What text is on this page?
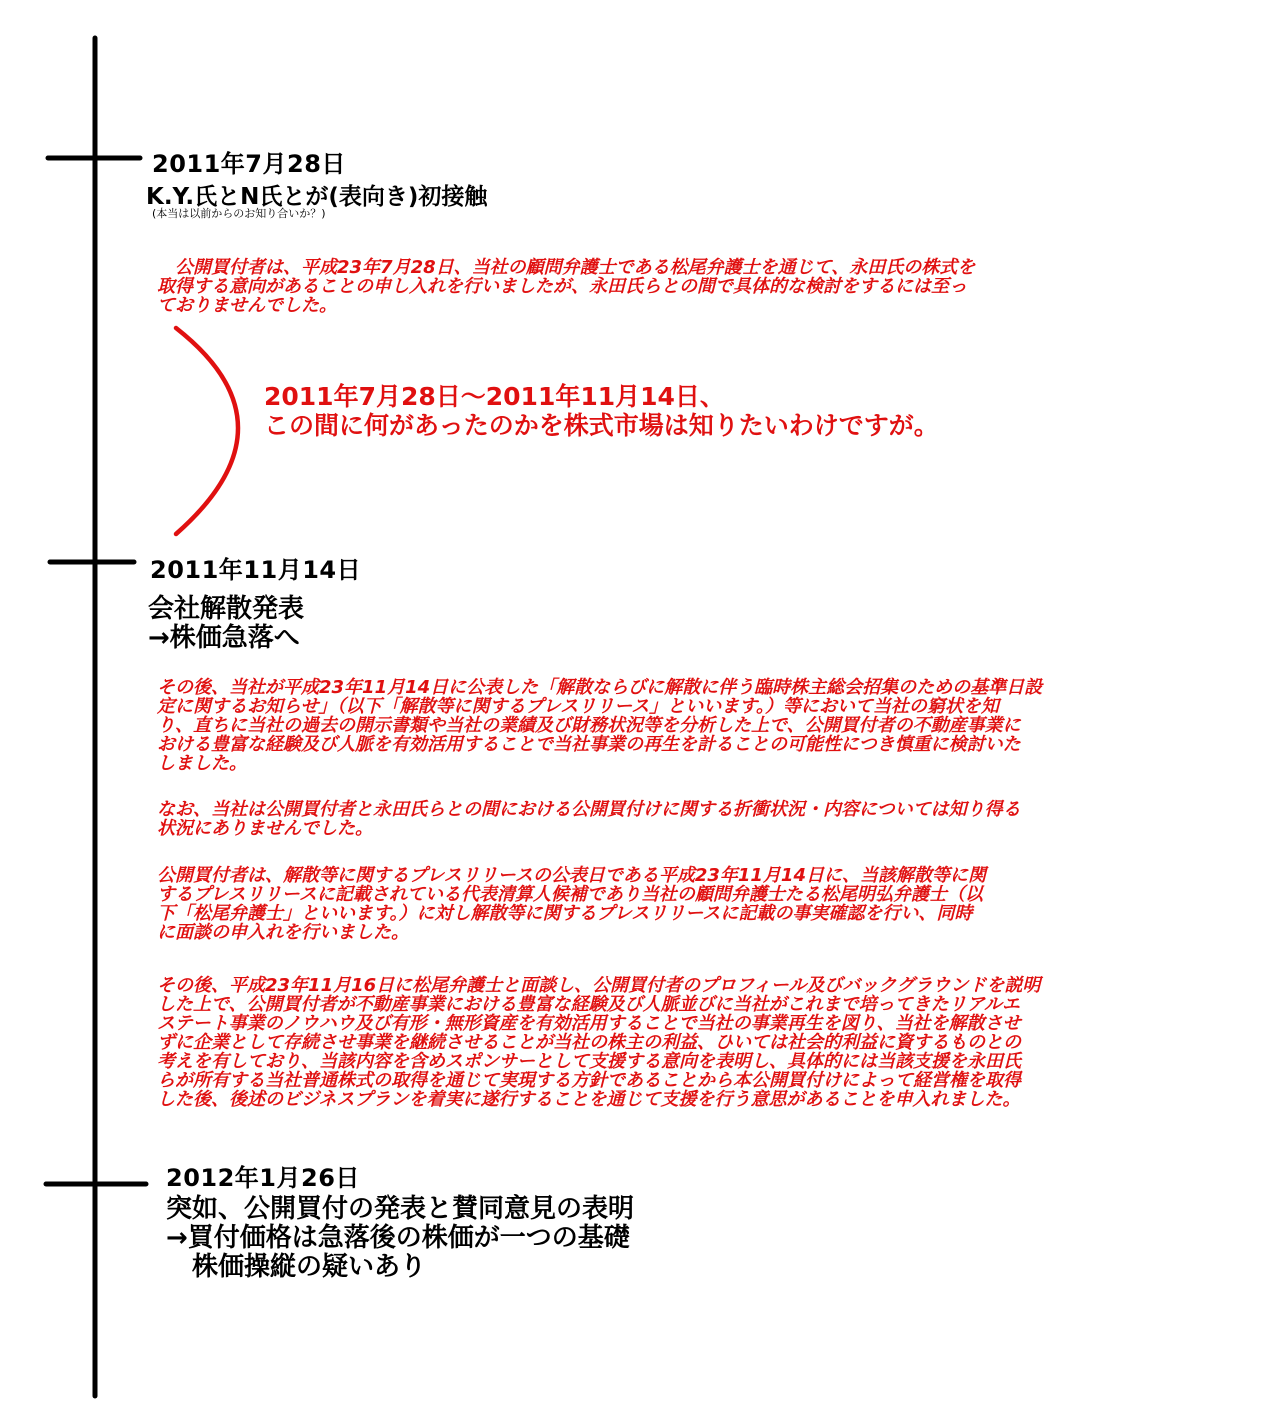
2011年7月28日
K.Y.氏とN氏とが(表向き)初接触
(本当は以前からのお知り合いか？)
　公開買付者は、平成23年7月28日、当社の顧問弁護士である松尾弁護士を通じて、永田氏の株式を
取得する意向があることの申し入れを行いましたが、永田氏らとの間で具体的な検討をするには至っ
ておりませんでした。
2011年7月28日～2011年11月14日、
この間に何があったのかを株式市場は知りたいわけですが。
2011年11月14日
会社解散発表
→株価急落へ
その後、当社が平成23年11月14日に公表した「解散ならびに解散に伴う臨時株主総会招集のための基準日設
定に関するお知らせ」（以下「解散等に関するプレスリリース」といいます。）等において当社の窮状を知
り、直ちに当社の過去の開示書類や当社の業績及び財務状況等を分析した上で、公開買付者の不動産事業に
おける豊富な経験及び人脈を有効活用することで当社事業の再生を計ることの可能性につき慎重に検討いた
しました。
なお、当社は公開買付者と永田氏らとの間における公開買付けに関する折衝状況・内容については知り得る
状況にありませんでした。
公開買付者は、解散等に関するプレスリリースの公表日である平成23年11月14日に、当該解散等に関
するプレスリリースに記載されている代表清算人候補であり当社の顧問弁護士たる松尾明弘弁護士（以
下「松尾弁護士」といいます。）に対し解散等に関するプレスリリースに記載の事実確認を行い、同時
に面談の申入れを行いました。
その後、平成23年11月16日に松尾弁護士と面談し、公開買付者のプロフィール及びバックグラウンドを説明
した上で、公開買付者が不動産事業における豊富な経験及び人脈並びに当社がこれまで培ってきたリアルエ
ステート事業のノウハウ及び有形・無形資産を有効活用することで当社の事業再生を図り、当社を解散させ
ずに企業として存続させ事業を継続させることが当社の株主の利益、ひいては社会的利益に資するものとの
考えを有しており、当該内容を含めスポンサーとして支援する意向を表明し、具体的には当該支援を永田氏
らが所有する当社普通株式の取得を通じて実現する方針であることから本公開買付けによって経営権を取得
した後、後述のビジネスプランを着実に遂行することを通じて支援を行う意思があることを申入れました。
2012年1月26日
突如、公開買付の発表と賛同意見の表明
→買付価格は急落後の株価が一つの基礎
　株価操縦の疑いあり
